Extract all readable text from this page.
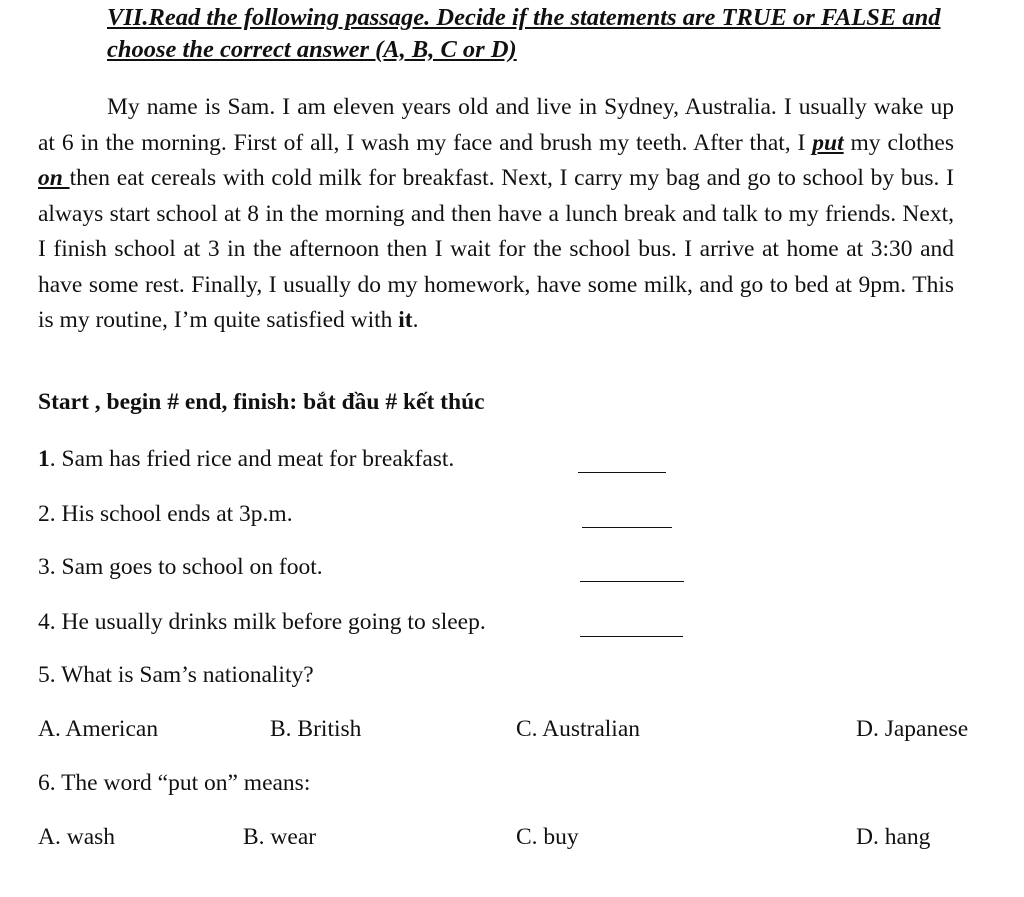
VII.Read the following passage. Decide if the statements are TRUE or FALSE and
choose the correct answer (A, B, C or D)

My name is Sam. I am eleven years old and live in Sydney, Australia. I usually wake up at 6 in the morning. First of all, I wash my face and brush my teeth. After that, I put my clothes on then eat cereals with cold milk for breakfast. Next, I carry my bag and go to school by bus. I always start school at 8 in the morning and then have a lunch break and talk to my friends. Next, I finish school at 3 in the afternoon then I wait for the school bus. I arrive at home at 3:30 and have some rest. Finally, I usually do my homework, have some milk, and go to bed at 9pm. This is my routine, I’m quite satisfied with it.

Start , begin # end, finish: bắt đầu # kết thúc
1. Sam has fried rice and meat for breakfast.
2. His school ends at 3p.m.
3. Sam goes to school on foot.
4. He usually drinks milk before going to sleep.
5. What is Sam’s nationality?
A. American	B. British	C. Australian	D. Japanese
6. The word “put on” means:
A. wash	B. wear	C. buy	D. hang
